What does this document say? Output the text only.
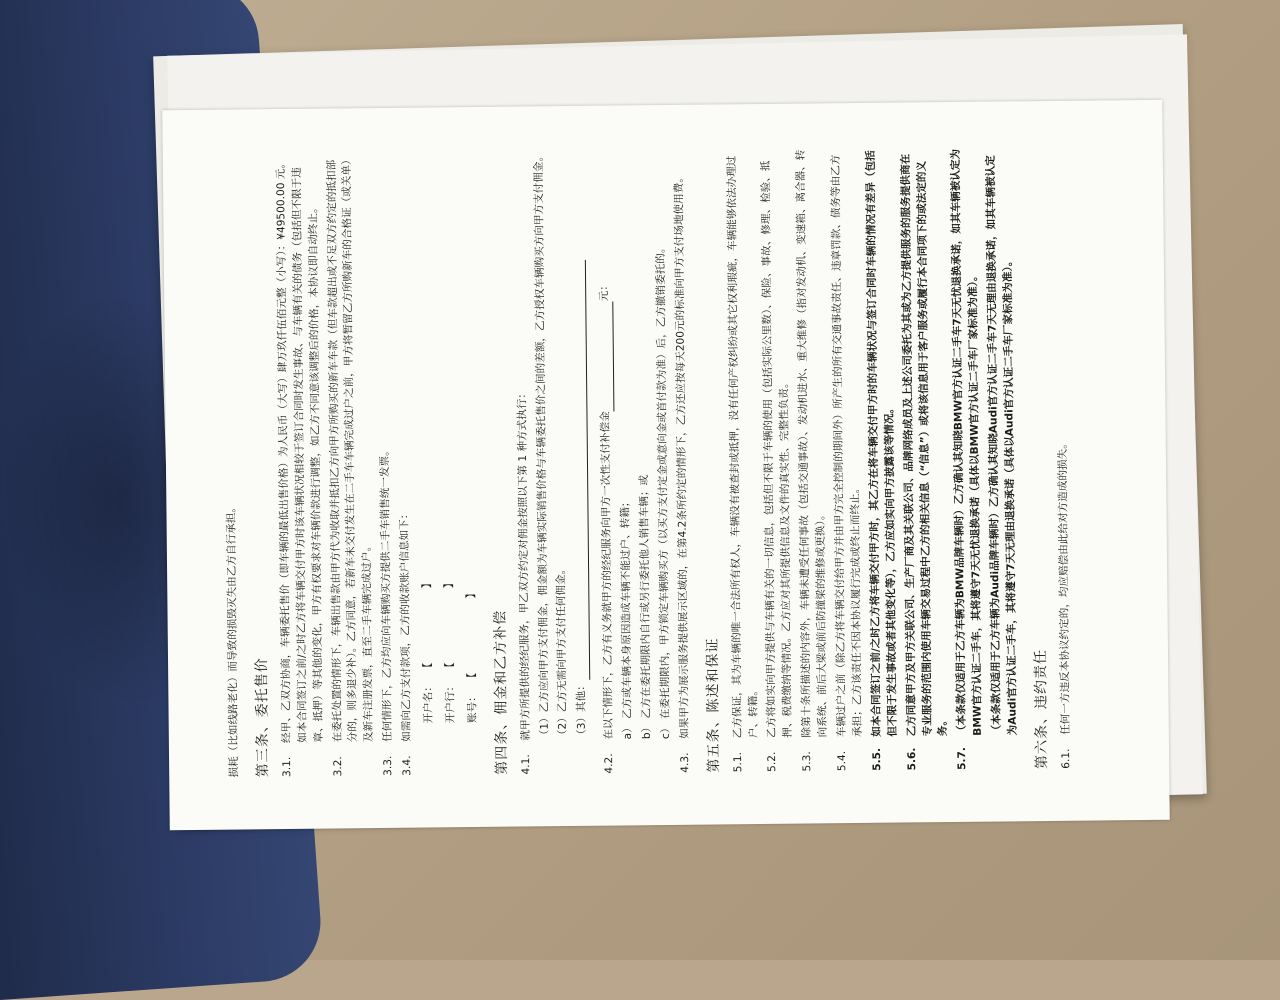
损耗（比如线路老化）而导致的损毁灭失由乙方自行承担。 第三条、委托售价 3.1.
经甲、乙双方协商，车辆委托售价（即车辆的最低出售价格）为人民币（大写）肆万玖仟伍佰元整（小写）：¥49500.00 元。如本合同签订之前/之时乙方将车辆交付甲方时该车辆状况相较于签订合同时发生事故、与车辆有关的债务（包括但不限于违章、抵押）等其他的变化，甲方有权要求对车辆价款进行调整，如乙方不同意该调整后的价格，本协议即自动终止。
3.2.
在委托处置的情形下，车辆出售款由甲方代为收取并抵扣乙方向甲方所购买的新车车款（但车款超出或不足双方约定的抵扣部分的，则多退少补）。乙方同意，若新车未交付发生在二手车车辆完成过户之前，甲方将暂留乙方所购新车的合格证（或关单）及新车注册发票，直至二手车辆完成过户。
3.3.
任何情形下，乙方均应向车辆购买方提供二手车销售统一发票。
3.4.
如需向乙方支付款项，乙方的收款账户信息如下： 开户名：
【                      】
开户行：
【                      】
账号：
【                      】	第四条、佣金和乙方补偿 4.1.
就甲方所提供的经纪服务，甲乙双方约定对佣金按照以下第 1 种方式执行： （1）乙方应向甲方支付佣金，佣金额为车辆实际销售价格与车辆委托售价之间的差额，乙方授权车辆购买方向甲方支付佣金。 （2）乙方无需向甲方支付任何佣金。 （3）其他：

4.2.
在以下情形下，乙方有义务就甲方的经纪服务向甲方一次性支付补偿金元：

a） 乙方或车辆本身原因造成车辆不能过户、转籍； b） 乙方在委托期限内自行或另行委托他人销售车辆；或 c） 在委托期限内，甲方锁定车辆购买方（以买方支付定金或意向金或首付款为准）后，乙方撤销委托的。

4.3.
如果甲方为展示服务提供展示区域的，在第4.2条所约定的情形下，乙方还应按每天200元的标准向甲方支付场地使用费。 第五条、陈述和保证 5.1.
乙方保证，其为车辆的唯一合法所有权人，车辆没有被查封或抵押，没有任何产权纠纷或其它权利瑕疵，车辆能够依法办理过户、转籍。
5.2.
乙方将如实向甲方提供与车辆有关的一切信息，包括但不限于车辆的使用（包括实际公里数）、保险、事故、修理、检验、抵押、税费缴纳等情况。乙方应对其所提供信息及文件的真实性、完整性负责。
5.3.
除第十条所描述的内容外，车辆未遭受任何事故（包括交通事故）、发动机进水、重大维修（指对发动机、变速箱、离合器、转向系统、前后大梁或前后防撞梁的维修或更换）。
5.4.
车辆过户之前（除乙方将车辆交付给甲方并由甲方完全控制的期间外）所产生的所有交通事故责任、违章罚款、债务等由乙方承担；乙方该责任不因本协议履行完成或终止而终止。
5.5.
如本合同签订之前/之时乙方将车辆交付甲方时，其乙方在将车辆交付甲方时的车辆状况与签订合同时车辆的情况有差异（包括但不限于发生事故或者其他变化等），乙方应如实向甲方披露该等情况。
5.6.
乙方同意甲方及甲方关联公司、生产厂商及其关联公司、品牌网络成员及上述公司委托为其或为乙方提供服务的服务提供商在专业服务的范围内使用车辆交易过程中乙方的相关信息（“信息”）或将该信息用于客户服务或履行本合同项下的或法定的义务。
5.7.
（本条款仅适用于乙方车辆为BMW品牌车辆时）乙方确认其知晓BMW官方认证二手车7天无忧退换承诺，如其车辆被认定为BMW官方认证二手车，其将遵守7天无忧退换承诺（具体以BMW官方认证二手车厂家标准为准）。 （本条款仅适用于乙方车辆为Audi品牌车辆时）乙方确认其知晓Audi官方认证二手车7天无理由退换承诺，如其车辆被认定为Audi官方认证二手车，其将遵守7天无理由退换承诺（具体以Audi官方认证二手车厂家标准为准）。 第六条、违约责任 6.1.
任何一方违反本协议约定的，均应赔偿由此给对方造成的损失。
